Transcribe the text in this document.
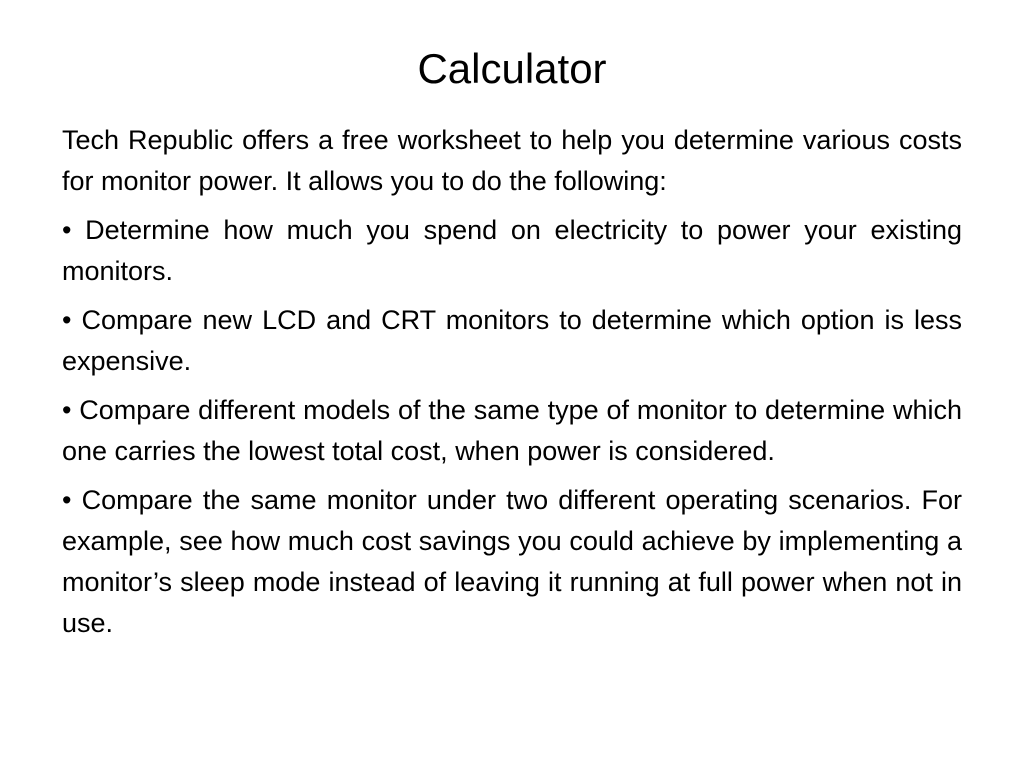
Calculator

Tech Republic offers a free worksheet to help you determine various costs for monitor power. It allows you to do the following:

• Determine how much you spend on electricity to power your existing monitors.

• Compare new LCD and CRT monitors to determine which option is less expensive.

• Compare different models of the same type of monitor to determine which one carries the lowest total cost, when power is considered.

• Compare the same monitor under two different operating scenarios. For example, see how much cost savings you could achieve by implementing a monitor’s sleep mode instead of leaving it running at full power when not in use.
